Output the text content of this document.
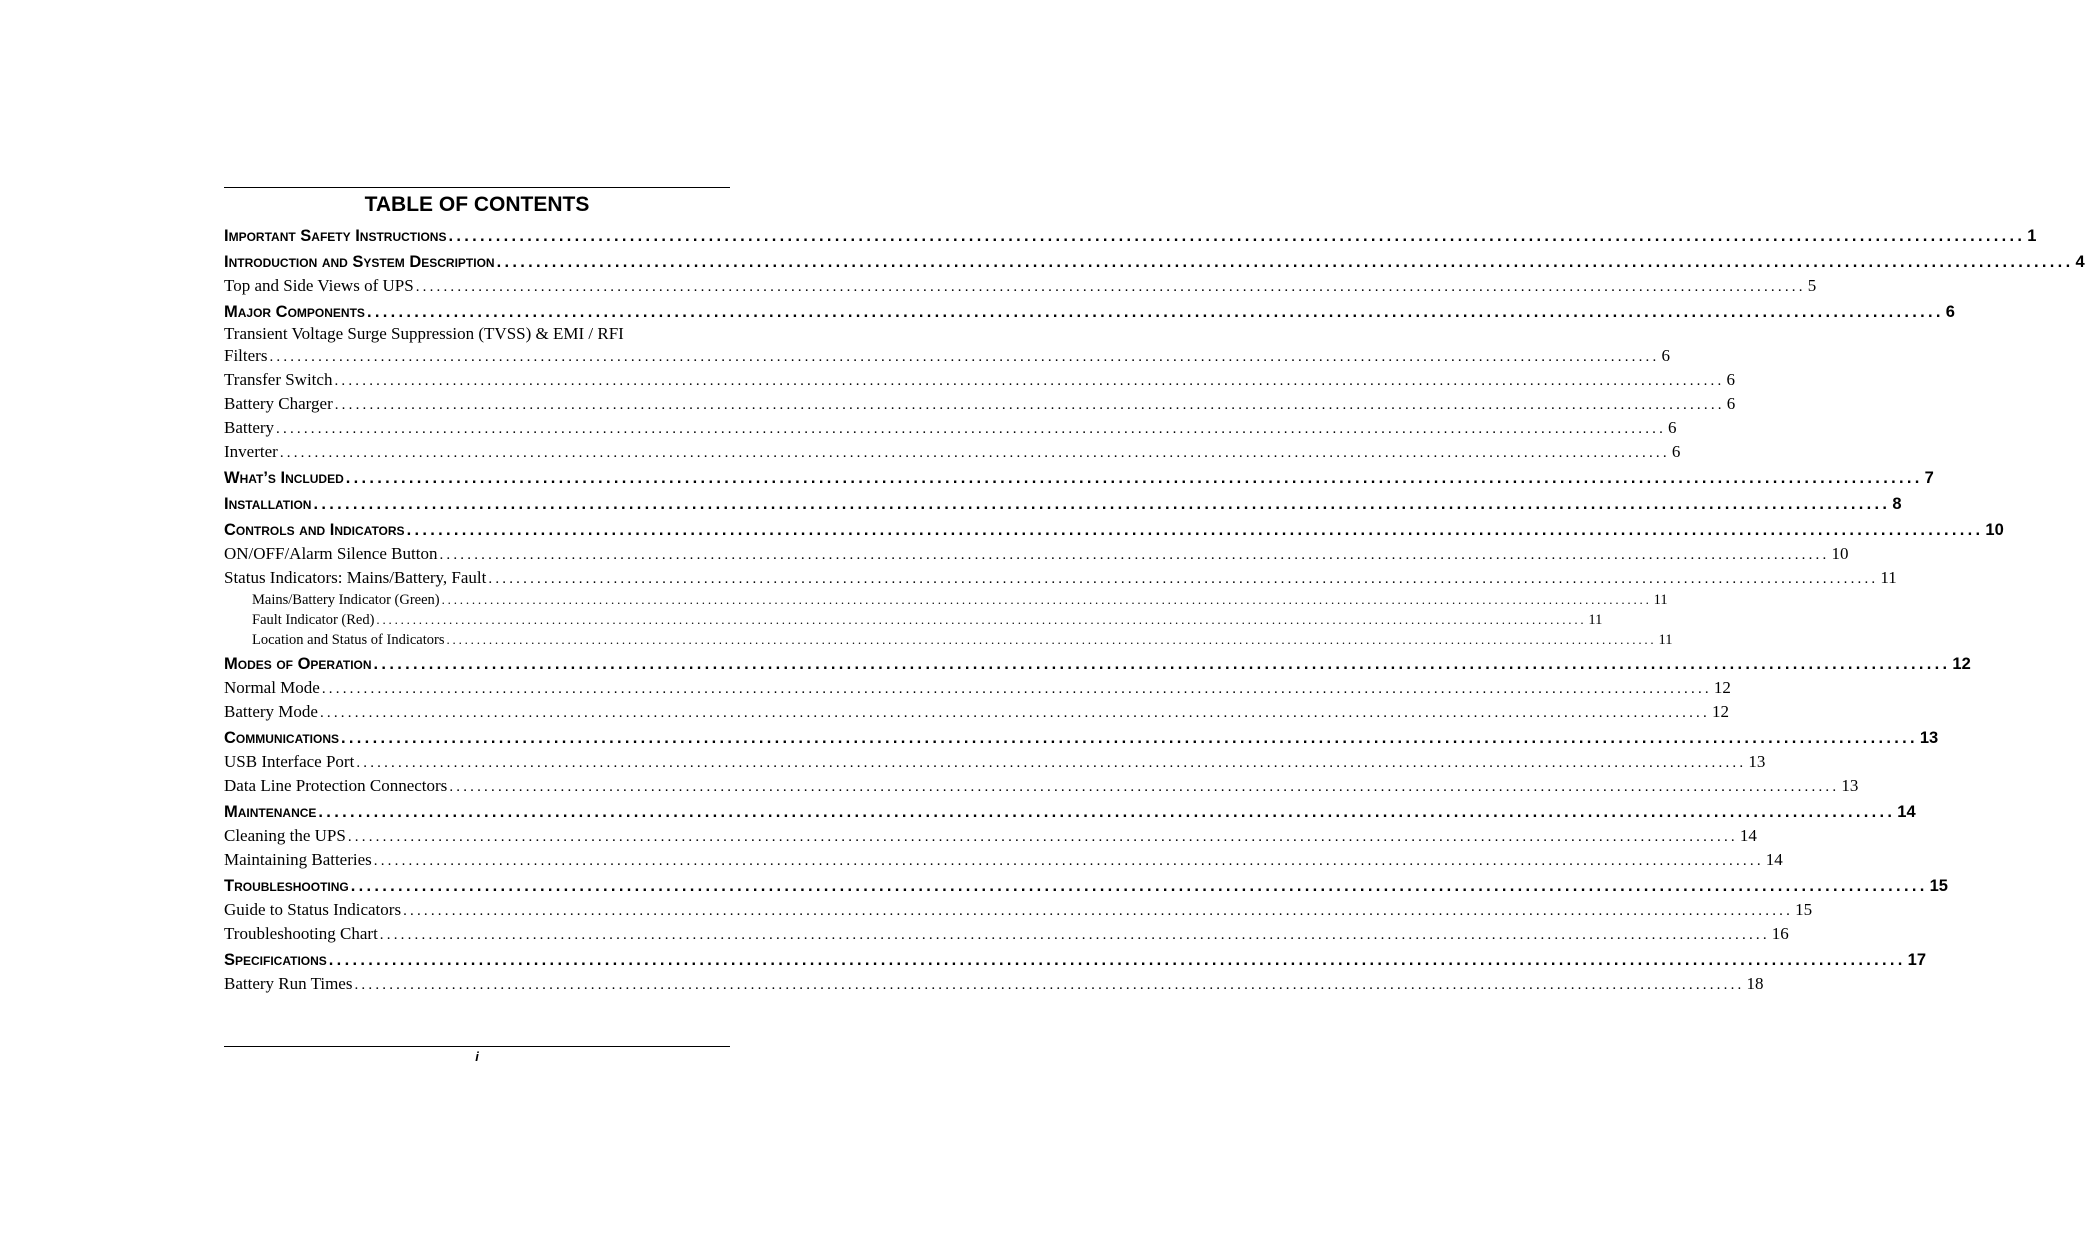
TABLE OF CONTENTS
Important Safety Instructions ........................................................................................................................................................................................................ 1
Introduction and System Description ........................................................................................................................................................................................................ 4
Top and Side Views of UPS ........................................................................................................................................................................................................ 5
Major Components ........................................................................................................................................................................................................ 6
Transient Voltage Surge Suppression (TVSS) & EMI / RFI
Filters ........................................................................................................................................................................................................ 6
Transfer Switch ........................................................................................................................................................................................................ 6
Battery Charger ........................................................................................................................................................................................................ 6
Battery ........................................................................................................................................................................................................ 6
Inverter ........................................................................................................................................................................................................ 6
What’s Included ........................................................................................................................................................................................................ 7
Installation ........................................................................................................................................................................................................ 8
Controls and Indicators ........................................................................................................................................................................................................ 10
ON/OFF/Alarm Silence Button ........................................................................................................................................................................................................ 10
Status Indicators: Mains/Battery, Fault ........................................................................................................................................................................................................ 11
Mains/Battery Indicator (Green) ........................................................................................................................................................................................................ 11
Fault Indicator (Red) ........................................................................................................................................................................................................ 11
Location and Status of Indicators ........................................................................................................................................................................................................ 11
Modes of Operation ........................................................................................................................................................................................................ 12
Normal Mode ........................................................................................................................................................................................................ 12
Battery Mode ........................................................................................................................................................................................................ 12
Communications ........................................................................................................................................................................................................ 13
USB Interface Port ........................................................................................................................................................................................................ 13
Data Line Protection Connectors ........................................................................................................................................................................................................ 13
Maintenance ........................................................................................................................................................................................................ 14
Cleaning the UPS ........................................................................................................................................................................................................ 14
Maintaining Batteries ........................................................................................................................................................................................................ 14
Troubleshooting ........................................................................................................................................................................................................ 15
Guide to Status Indicators ........................................................................................................................................................................................................ 15
Troubleshooting Chart ........................................................................................................................................................................................................ 16
Specifications ........................................................................................................................................................................................................ 17
Battery Run Times ........................................................................................................................................................................................................ 18
i
